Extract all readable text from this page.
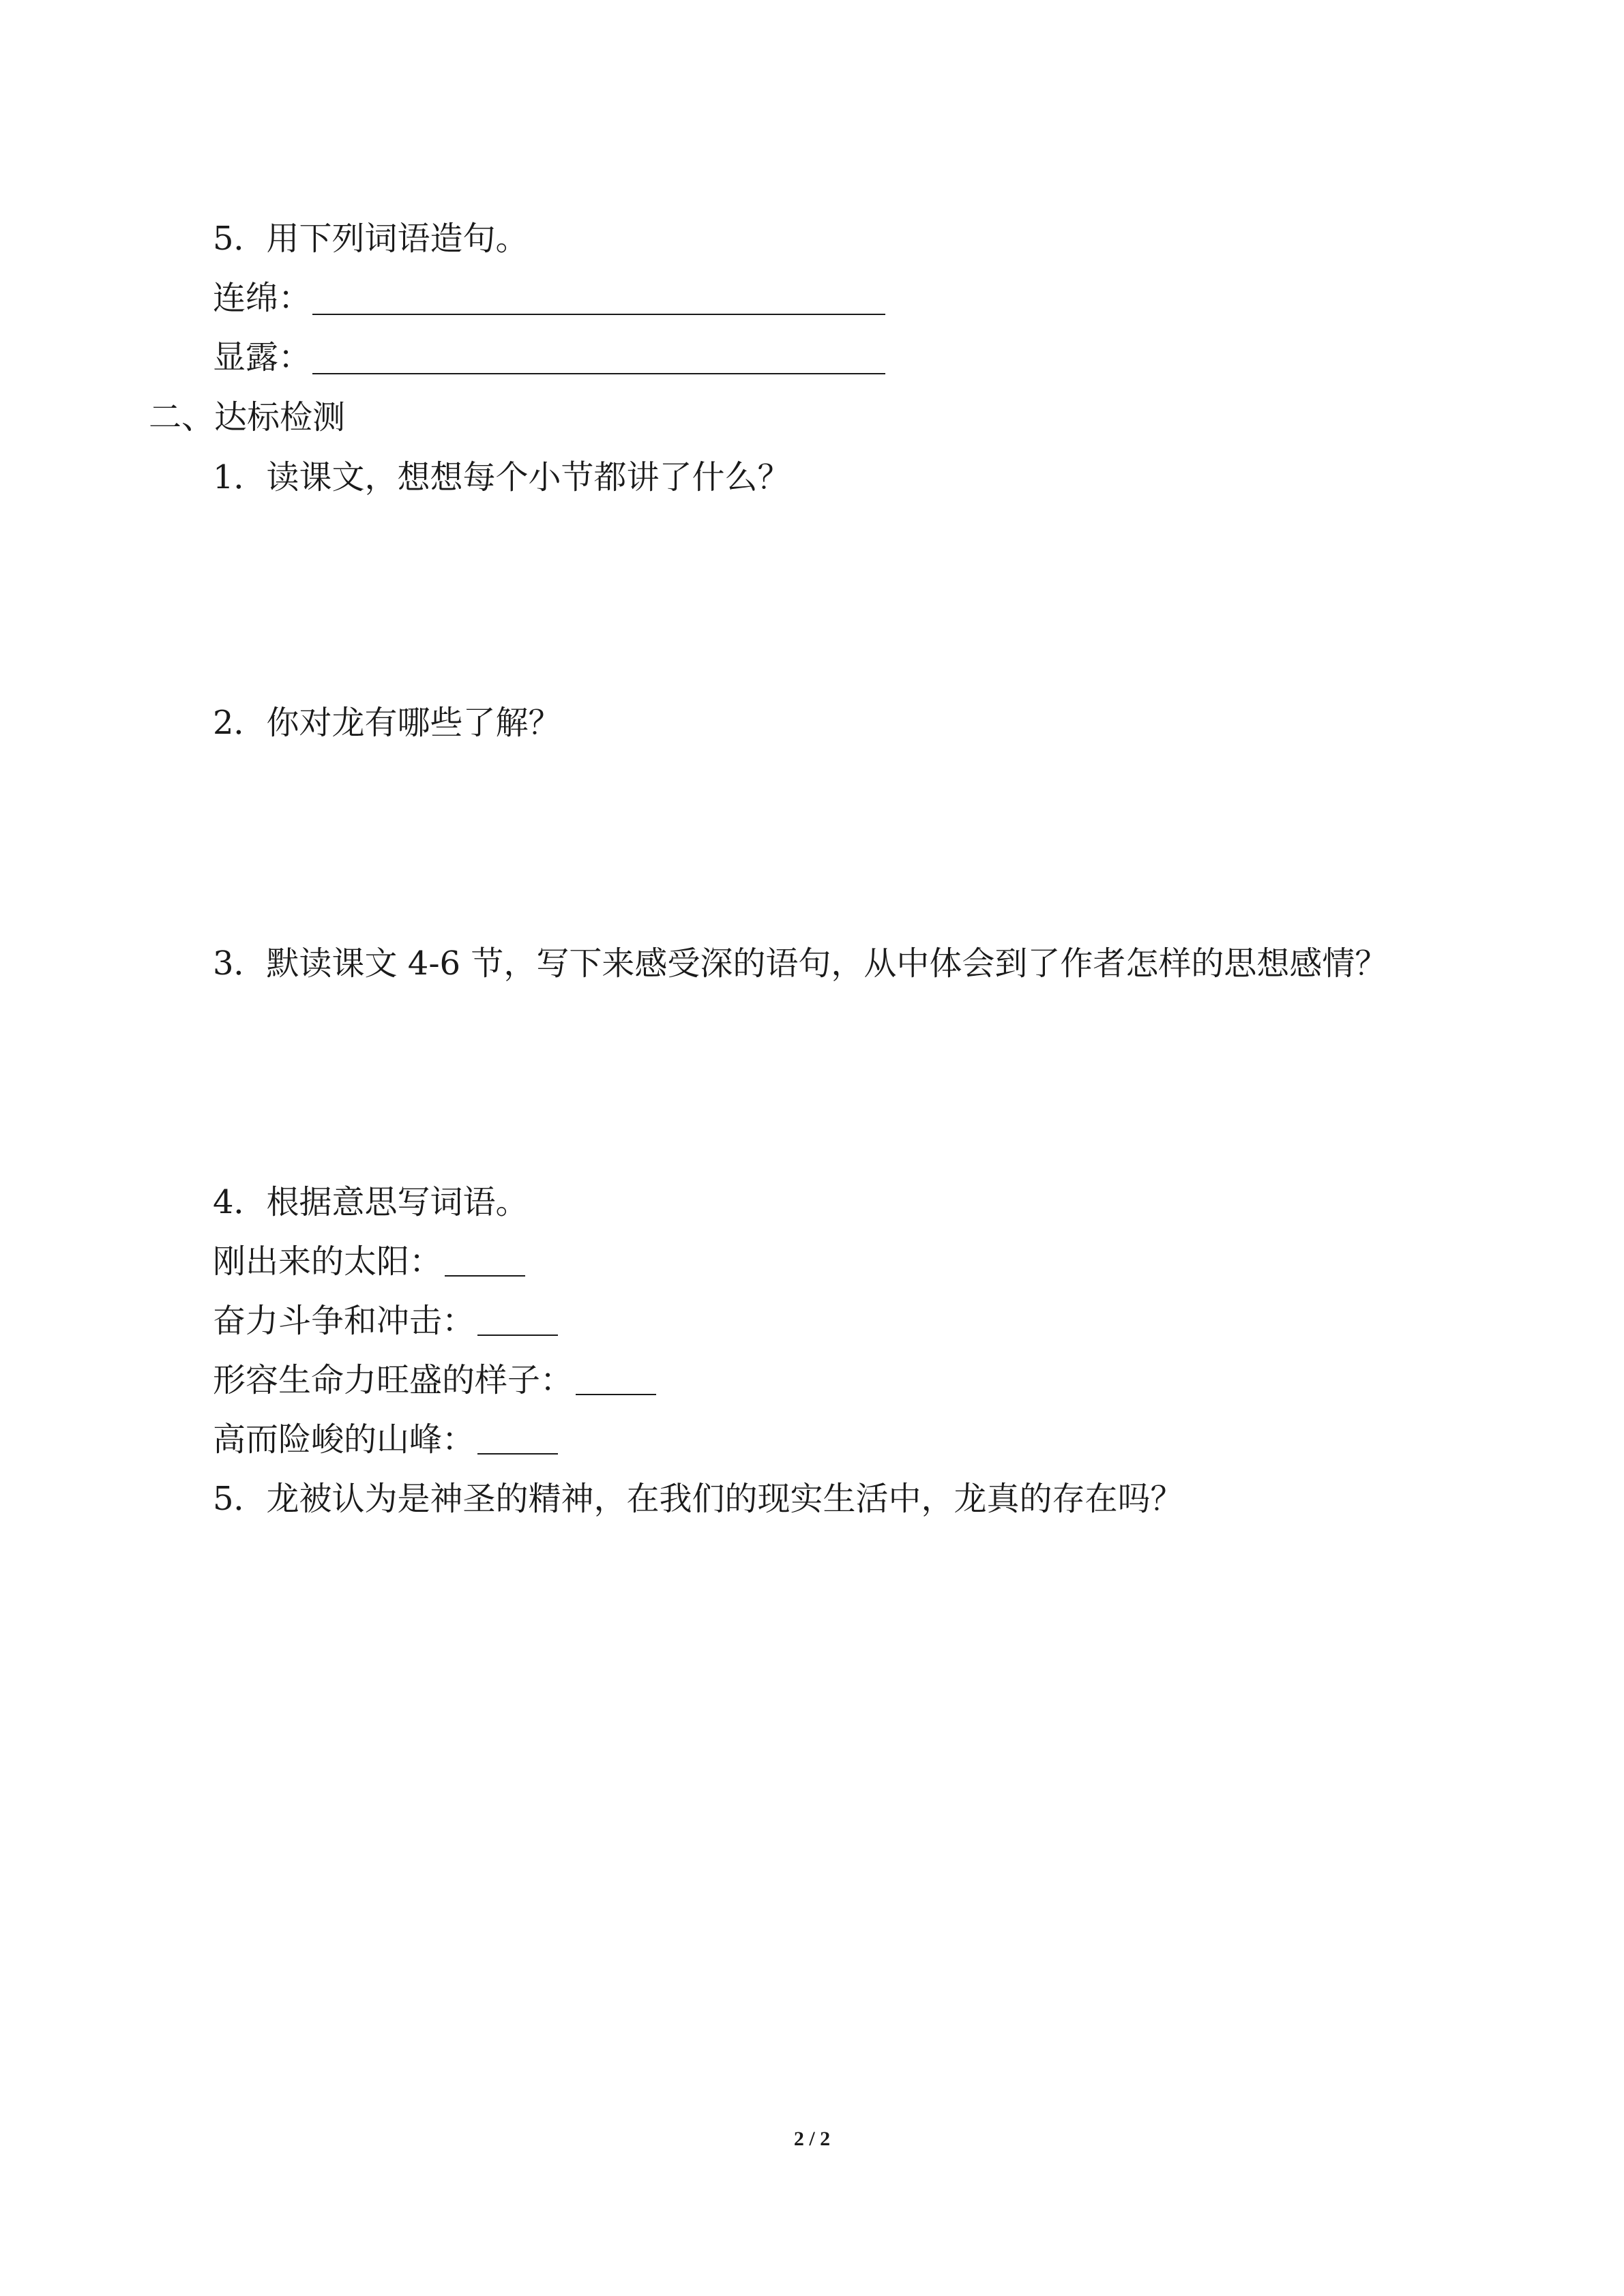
5．用下列词语造句。
连绵：
显露：
二、达标检测
1．读课文，想想每个小节都讲了什么？
2．你对龙有哪些了解？
3．默读课文 4-6 节，写下来感受深的语句，从中体会到了作者怎样的思想感情？
4．根据意思写词语。
刚出来的太阳：
奋力斗争和冲击：
形容生命力旺盛的样子：
高而险峻的山峰：
5．龙被认为是神圣的精神，在我们的现实生活中，龙真的存在吗？
2 / 2
